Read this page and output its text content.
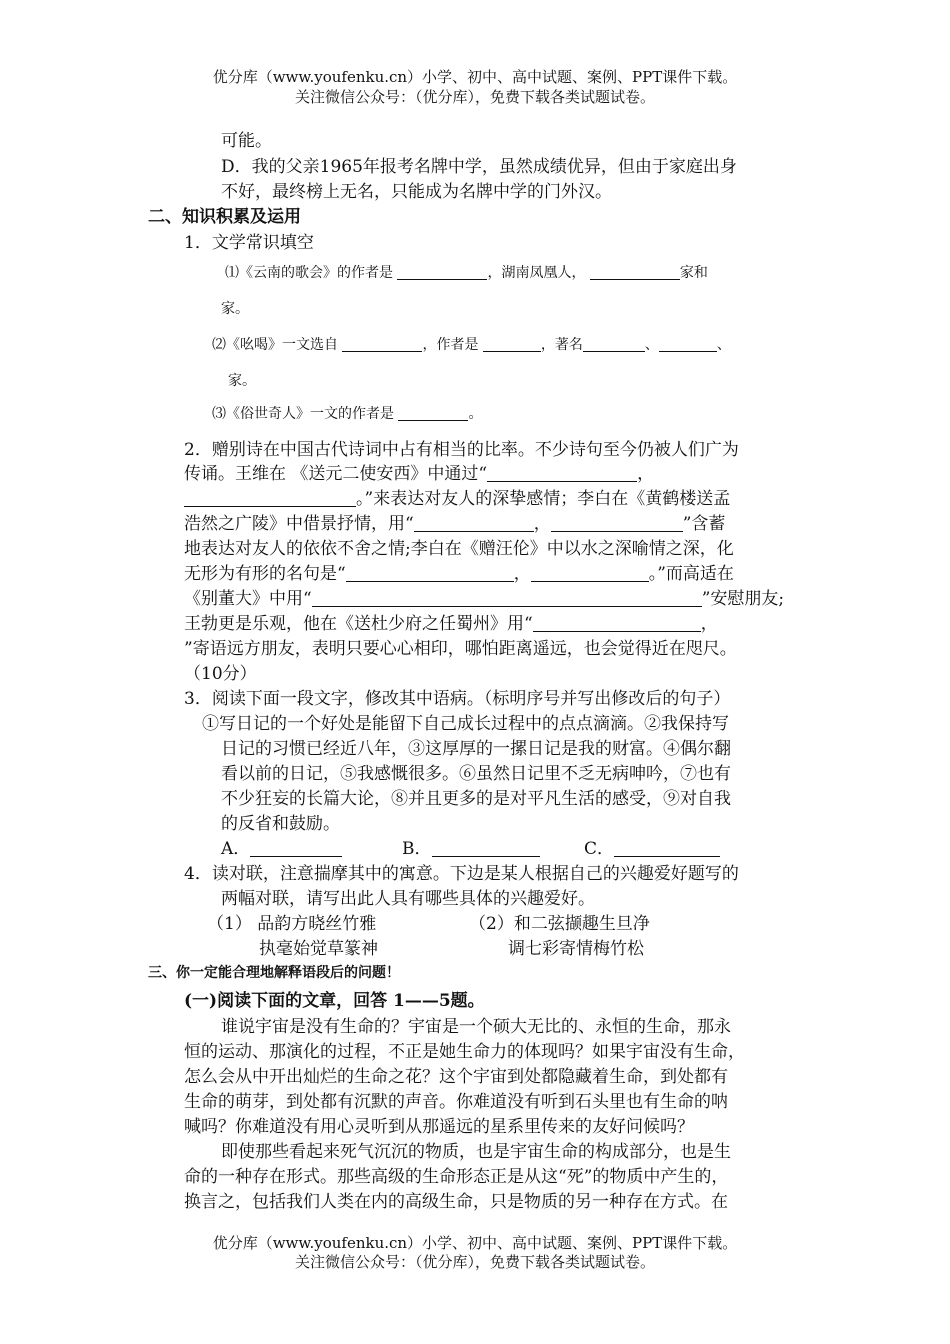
优分库（www.youfenku.cn）小学、初中、高中试题、案例、PPT课件下载。
关注微信公众号：（优分库），免费下载各类试题试卷。
可能。
D．我的父亲1965年报考名牌中学，虽然成绩优异，但由于家庭出身
不好，最终榜上无名，只能成为名牌中学的门外汉。
二、知识积累及运用
1．文学常识填空
⑴《云南的歌会》的作者是	，湖南凤凰人，	家和
家。
⑵《吆喝》一文选自	，作者是	，著名	、	、
家。
⑶《俗世奇人》一文的作者是	。
2．赠别诗在中国古代诗词中占有相当的比率。不少诗句至今仍被人们广为
传诵。王维在 《送元二使安西》中通过“	，
。”来表达对友人的深挚感情；李白在《黄鹤楼送孟
浩然之广陵》中借景抒情，用“	，	”含蓄
地表达对友人的依依不舍之情;李白在《赠汪伦》中以水之深喻情之深，化
无形为有形的名句是“	，	。”而高适在
《别董大》中用“	”安慰朋友;
王勃更是乐观，他在《送杜少府之任蜀州》用“	，
”寄语远方朋友，表明只要心心相印，哪怕距离遥远，也会觉得近在咫尺。
（10分）
3．阅读下面一段文字，修改其中语病。（标明序号并写出修改后的句子）
①写日记的一个好处是能留下自己成长过程中的点点滴滴。②我保持写
日记的习惯已经近八年，③这厚厚的一摞日记是我的财富。④偶尔翻
看以前的日记，⑤我感慨很多。⑥虽然日记里不乏无病呻吟，⑦也有
不少狂妄的长篇大论，⑧并且更多的是对平凡生活的感受，⑨对自我
的反省和鼓励。
A．	B．	C．
4．读对联，注意揣摩其中的寓意。下边是某人根据自己的兴趣爱好题写的
两幅对联，请写出此人具有哪些具体的兴趣爱好。
（1） 品韵方晓丝竹雅
执毫始觉草篆神
（2）和二弦撷趣生旦净
调七彩寄情梅竹松
三、你一定能合理地解释语段后的问题！
(一)阅读下面的文章，回答 1——5题。
谁说宇宙是没有生命的？宇宙是一个硕大无比的、永恒的生命，那永
恒的运动、那演化的过程，不正是她生命力的体现吗？如果宇宙没有生命，
怎么会从中开出灿烂的生命之花？这个宇宙到处都隐藏着生命，到处都有
生命的萌芽，到处都有沉默的声音。你难道没有听到石头里也有生命的呐
喊吗？你难道没有用心灵听到从那遥远的星系里传来的友好问候吗？
即使那些看起来死气沉沉的物质，也是宇宙生命的构成部分，也是生
命的一种存在形式。那些高级的生命形态正是从这“死”的物质中产生的，
换言之，包括我们人类在内的高级生命，只是物质的另一种存在方式。在
优分库（www.youfenku.cn）小学、初中、高中试题、案例、PPT课件下载。
关注微信公众号：（优分库），免费下载各类试题试卷。
